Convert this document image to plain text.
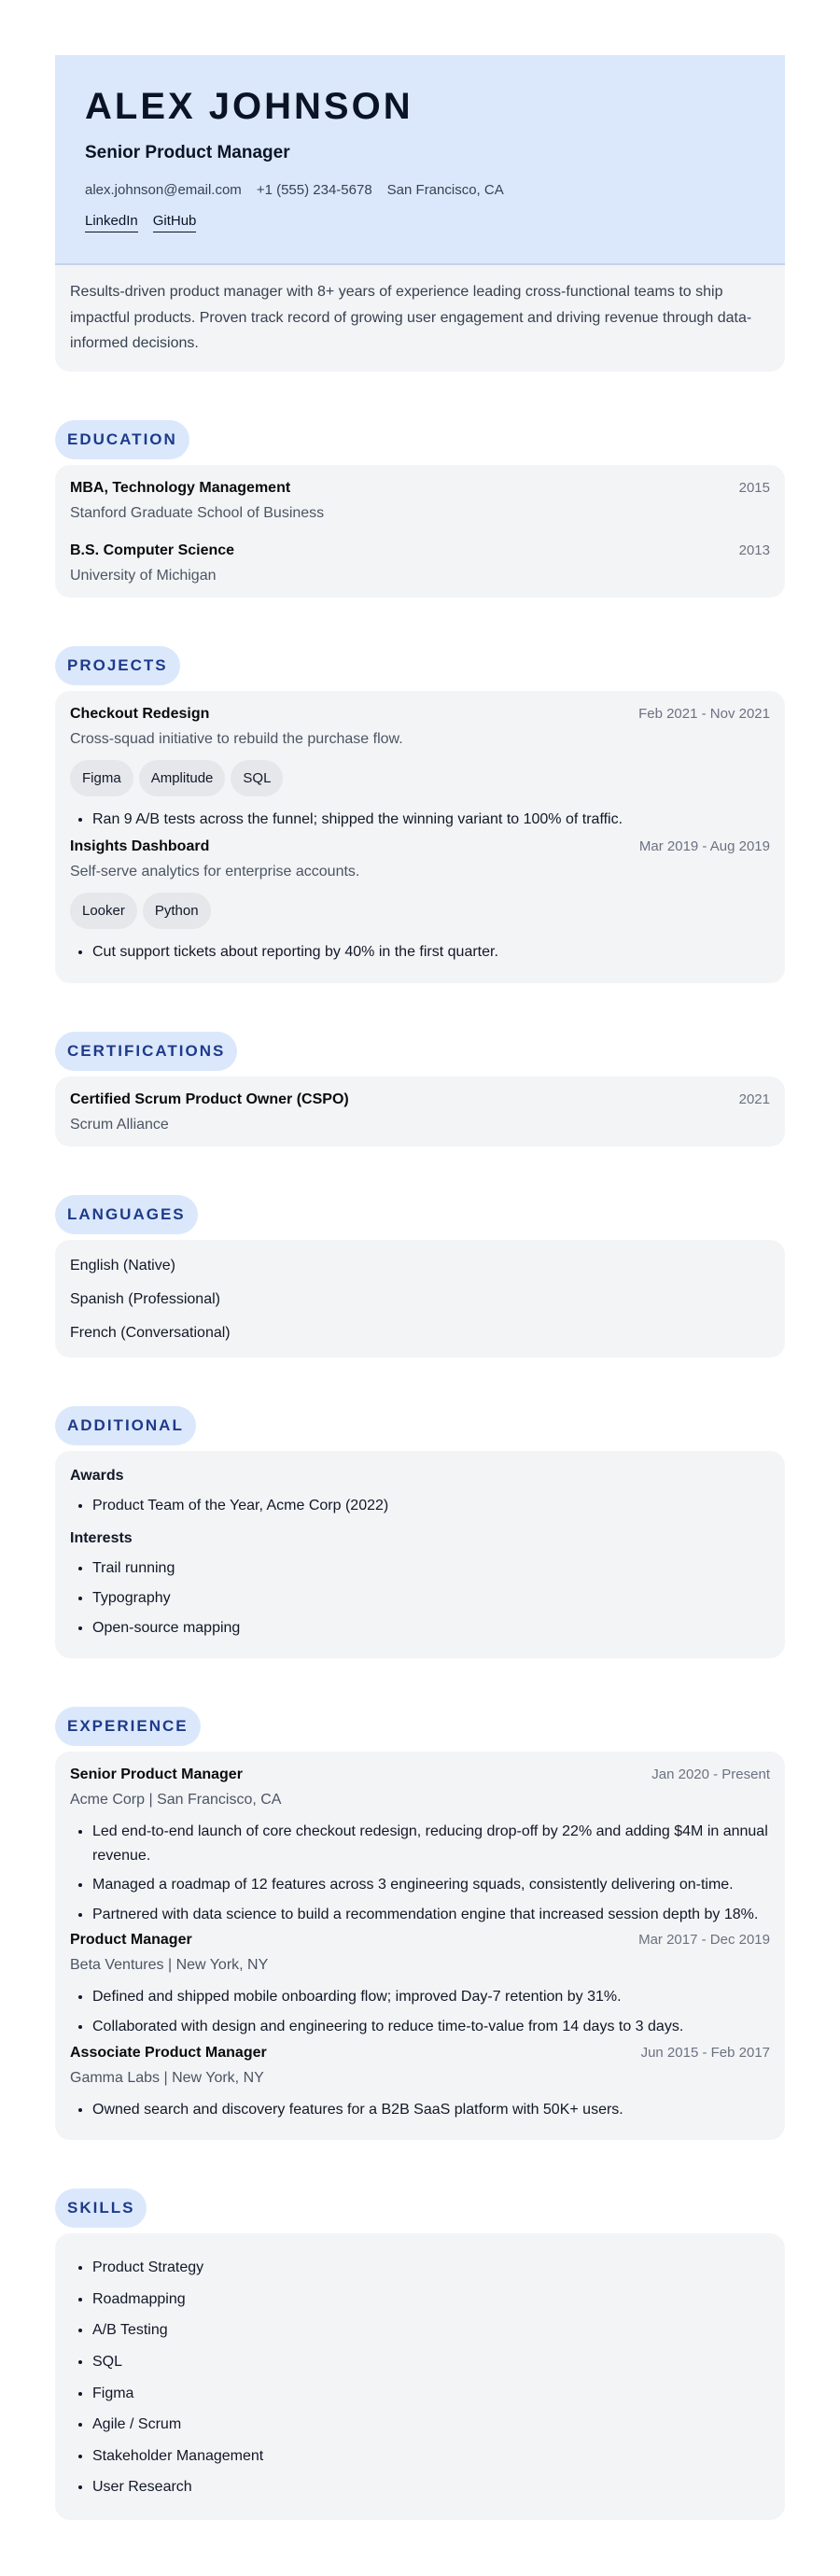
ALEX JOHNSON
Senior Product Manager
alex.johnson@email.com +1 (555) 234-5678 San Francisco, CA
LinkedIn GitHub
Results-driven product manager with 8+ years of experience leading cross-functional teams to ship impactful products. Proven track record of growing user engagement and driving revenue through data-informed decisions.
EDUCATION
MBA, Technology Management	2015
Stanford Graduate School of Business
B.S. Computer Science	2013
University of Michigan
PROJECTS
Checkout Redesign	Feb 2021 - Nov 2021
Cross-squad initiative to rebuild the purchase flow.
Figma	Amplitude	SQL
• Ran 9 A/B tests across the funnel; shipped the winning variant to 100% of traffic.
Insights Dashboard	Mar 2019 - Aug 2019
Self-serve analytics for enterprise accounts.
Looker	Python
• Cut support tickets about reporting by 40% in the first quarter.
CERTIFICATIONS
Certified Scrum Product Owner (CSPO)	2021
Scrum Alliance
LANGUAGES
English (Native)
Spanish (Professional)
French (Conversational)
ADDITIONAL
Awards
• Product Team of the Year, Acme Corp (2022)
Interests
• Trail running
• Typography
• Open-source mapping
EXPERIENCE
Senior Product Manager	Jan 2020 - Present
Acme Corp | San Francisco, CA
• Led end-to-end launch of core checkout redesign, reducing drop-off by 22% and adding $4M in annual revenue.
• Managed a roadmap of 12 features across 3 engineering squads, consistently delivering on-time.
• Partnered with data science to build a recommendation engine that increased session depth by 18%.
Product Manager	Mar 2017 - Dec 2019
Beta Ventures | New York, NY
• Defined and shipped mobile onboarding flow; improved Day-7 retention by 31%.
• Collaborated with design and engineering to reduce time-to-value from 14 days to 3 days.
Associate Product Manager	Jun 2015 - Feb 2017
Gamma Labs | New York, NY
• Owned search and discovery features for a B2B SaaS platform with 50K+ users.
SKILLS
• Product Strategy
• Roadmapping
• A/B Testing
• SQL
• Figma
• Agile / Scrum
• Stakeholder Management
• User Research
